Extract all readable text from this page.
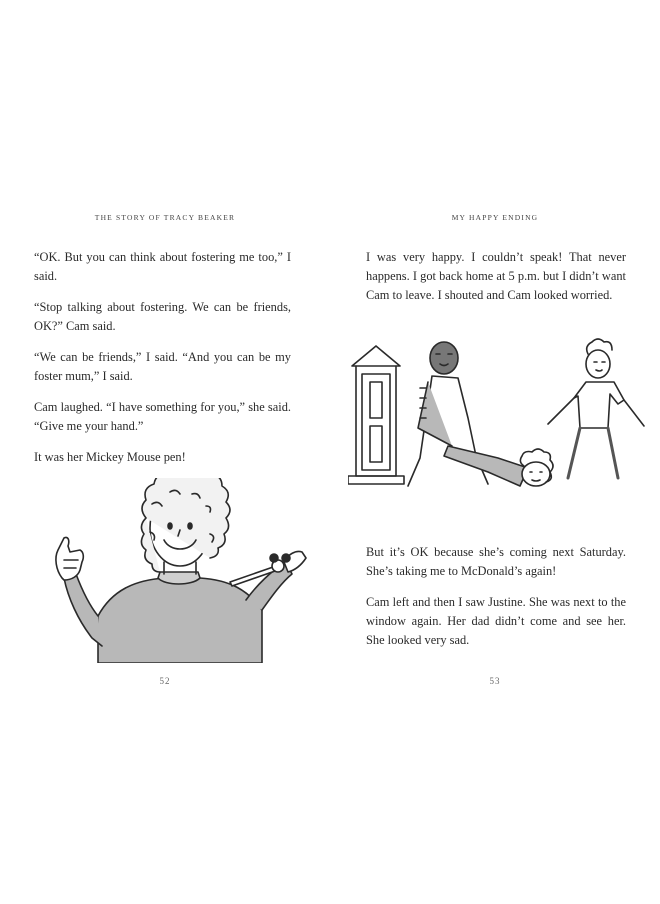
THE STORY OF TRACY BEAKER

“OK. But you can think about fostering me too,” I said.

“Stop talking about fostering. We can be friends, OK?” Cam said.

“We can be friends,” I said. “And you can be my foster mum,” I said.

Cam laughed. “I have something for you,” she said. “Give me your hand.”

It was her Mickey Mouse pen!

52
MY HAPPY ENDING

I was very happy. I couldn’t speak! That never happens. I got back home at 5 p.m. but I didn’t want Cam to leave. I shouted and Cam looked worried.

But it’s OK because she’s coming next Saturday. She’s taking me to McDonald’s again!

Cam left and then I saw Justine. She was next to the window again. Her dad didn’t come and see her. She looked very sad.

53
